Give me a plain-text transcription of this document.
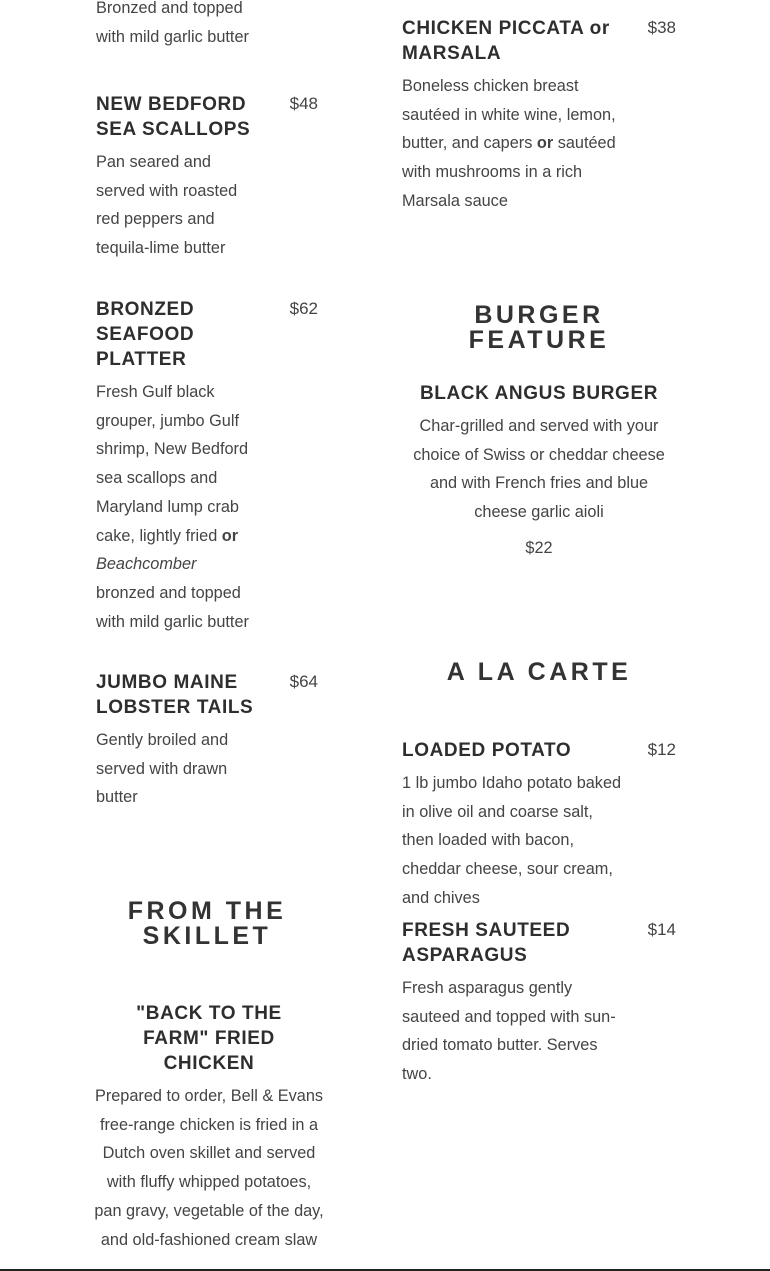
Bronzed and topped with mild garlic butter

NEW BEDFORD SEA SCALLOPS
$48

Pan seared and served with roasted red peppers and tequila-lime butter

BRONZED SEAFOOD PLATTER
$62

Fresh Gulf black grouper, jumbo Gulf shrimp, New Bedford sea scallops and Maryland lump crab cake, lightly fried or Beachcomber bronzed and topped with mild garlic butter

JUMBO MAINE LOBSTER TAILS
$64

Gently broiled and served with drawn butter

FROM THE
SKILLET
"BACK TO THE FARM" FRIED CHICKEN

Prepared to order, Bell & Evans free-range chicken is fried in a Dutch oven skillet and served with fluffy whipped potatoes, pan gravy, vegetable of the day, and old-fashioned cream slaw

CHICKEN PICCATA or MARSALA
$38

Boneless chicken breast sautéed in white wine, lemon, butter, and capers or sautéed with mushrooms in a rich Marsala sauce

BURGER FEATURE
BLACK ANGUS BURGER

Char-grilled and served with your choice of Swiss or cheddar cheese and with French fries and blue cheese garlic aioli

$22

A LA CARTE
LOADED POTATO	$12

1 lb jumbo Idaho potato baked in olive oil and coarse salt, then loaded with bacon, cheddar cheese, sour cream, and chives

FRESH SAUTEED ASPARAGUS
$14

Fresh asparagus gently sauteed and topped with sun-dried tomato butter. Serves two.
